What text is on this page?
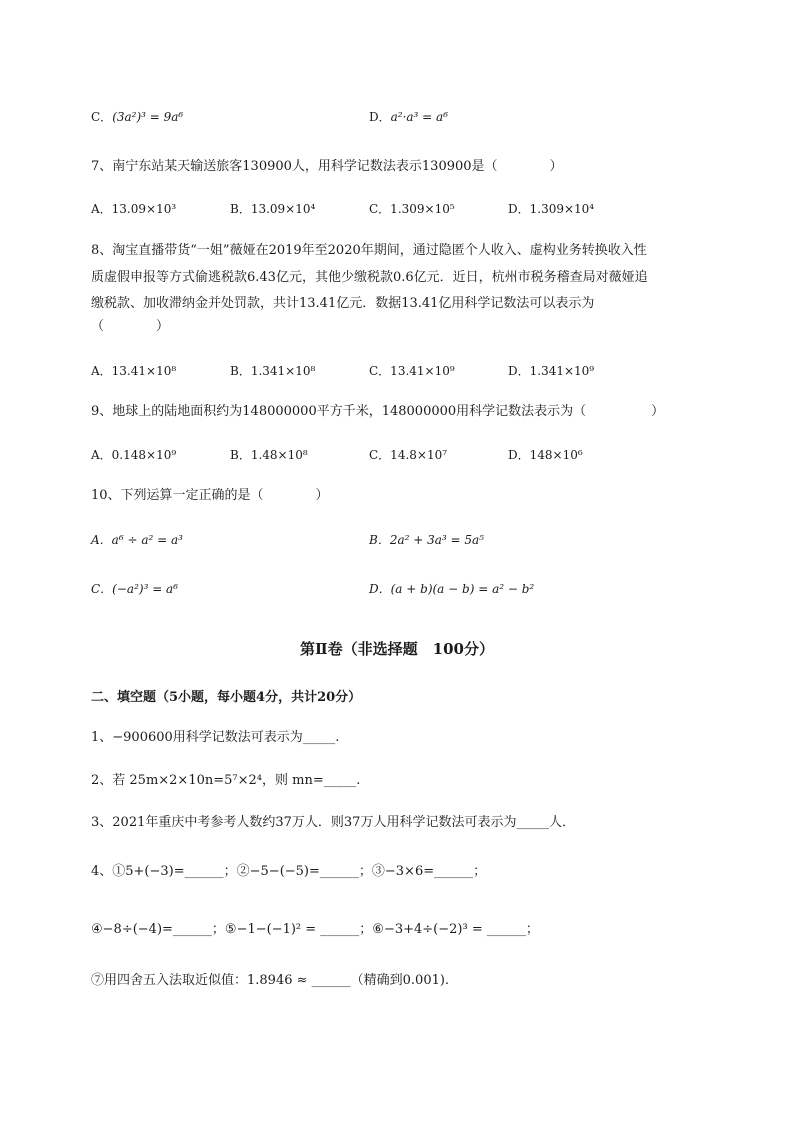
C．(3a²)³ = 9a⁶	D．a²·a³ = a⁶
7、南宁东站某天输送旅客130900人，用科学记数法表示130900是（　　　　）
A．13.09×10³	B．13.09×10⁴	C．1.309×10⁵	D．1.309×10⁴
8、淘宝直播带货“一姐”薇娅在2019年至2020年期间，通过隐匿个人收入、虚构业务转换收入性
质虚假申报等方式偷逃税款6.43亿元，其他少缴税款0.6亿元．近日，杭州市税务稽查局对薇娅追
缴税款、加收滞纳金并处罚款，共计13.41亿元．数据13.41亿用科学记数法可以表示为
（　　　　）
A．13.41×10⁸	B．1.341×10⁸	C．13.41×10⁹	D．1.341×10⁹
9、地球上的陆地面积约为148000000平方千米，148000000用科学记数法表示为（　　　　　）
A．0.148×10⁹	B．1.48×10⁸	C．14.8×10⁷	D．148×10⁶
10、下列运算一定正确的是（　　　　）
A．a⁶ ÷ a² = a³	B．2a² + 3a³ = 5a⁵
C．(−a²)³ = a⁶	D．(a + b)(a − b) = a² − b²
第Ⅱ卷（非选择题　100分）
二、填空题（5小题，每小题4分，共计20分）
1、−900600用科学记数法可表示为_____.
2、若 25m×2×10n=5⁷×2⁴，则 mn=_____.
3、2021年重庆中考参考人数约37万人．则37万人用科学记数法可表示为_____人．
4、①5+(−3)=______；②−5−(−5)=______；③−3×6=______；
④−8÷(−4)=______；⑤−1−(−1)² = ______；⑥−3+4÷(−2)³ = ______；
⑦用四舍五入法取近似值：1.8946 ≈ ______（精确到0.001).
